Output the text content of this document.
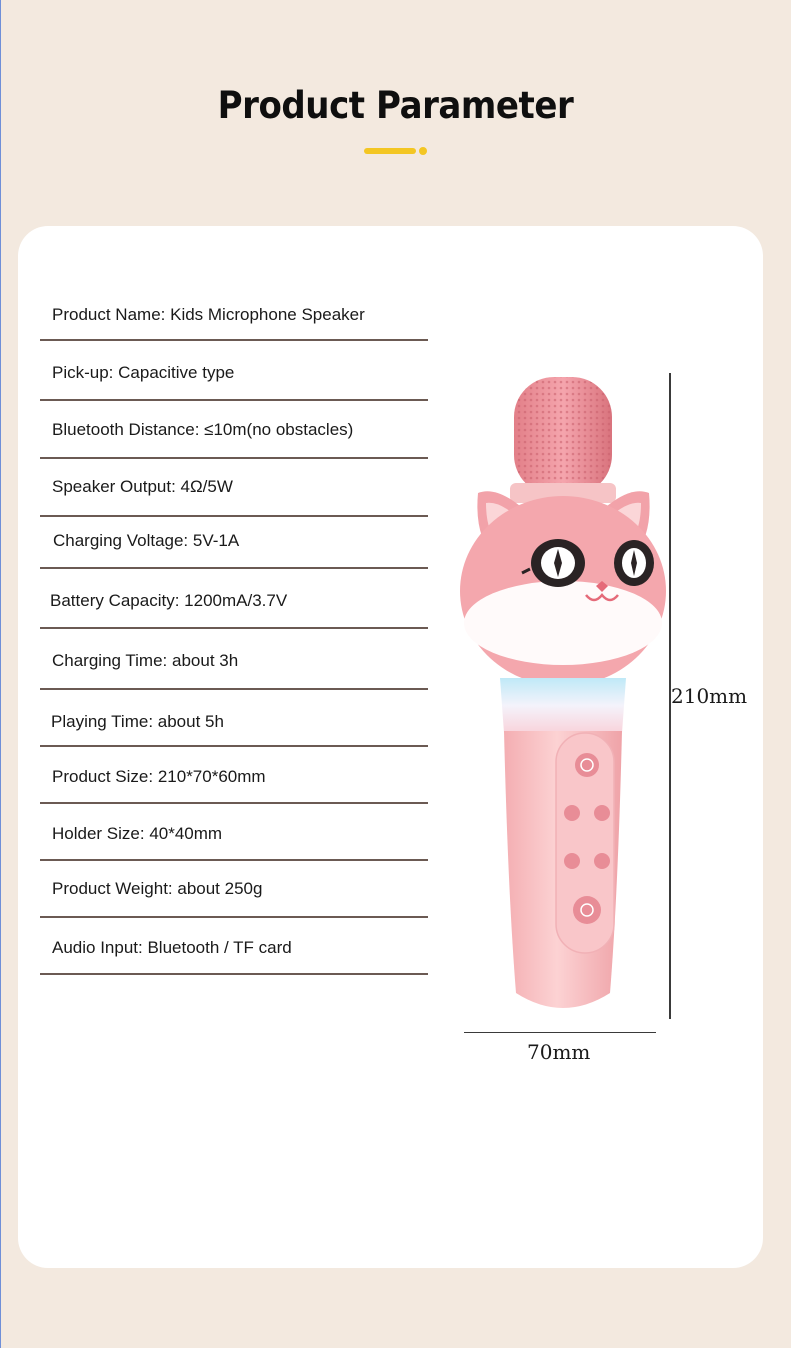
Product Parameter
Product Name: Kids Microphone Speaker
Pick-up: Capacitive type
Bluetooth Distance: ≤10m(no obstacles)
Speaker Output: 4Ω/5W
Charging Voltage: 5V-1A
Battery Capacity: 1200mA/3.7V
Charging Time: about 3h
Playing Time: about 5h
Product Size: 210*70*60mm
Holder Size: 40*40mm
Product Weight: about 250g
Audio Input: Bluetooth / TF card
210mm
70mm
